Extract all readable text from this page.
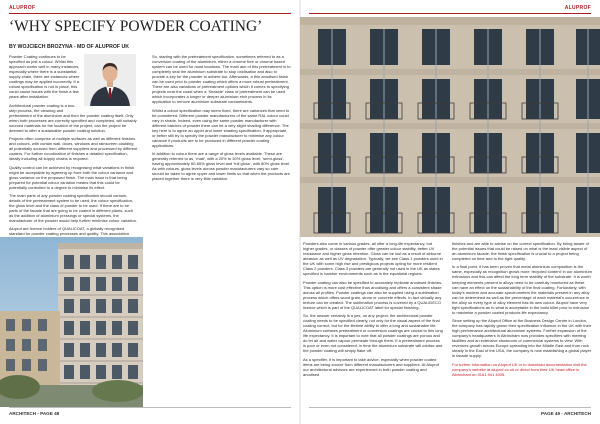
ALUPROF
‘WHY SPECIFY POWDER COATING’
BY WOJCIECH BROZYNA - MD OF ALUPROF UK

Powder Coating continues to be specified as just a colour. Whilst this approach works well in many instances, especially where there is a substantial supply chain, there are instances where coatings may be applied incorrectly. If a robust specification is not in place, this could cause issues with the finish a few years after installation.

Architectural powder coating is a two-step process, the cleaning and pretreatment of the aluminium and then the powder coating itself. Only when both processes are correctly specified and completed, will suitably sourced materials for the location of the project, can the project be deemed to offer a sustainable powder coating solution.

Projects often comprise of multiple surfaces as well as different finishes and colours, with curtain wall, doors, windows and rainscreen cladding all potentially sourced from different suppliers and processed by different coaters. For further coordination of finishes a detailed specification, ideally including all supply chains is required.

Quality control can be achieved by recognising what variations in finish might be acceptable by agreeing up front both the colour variance and gloss variance on the proposed finish. The main issue is that being prepared for potential colour variation means that this could be potentially controlled to a degree to minimise its effect.

The main parts of any powder coating specification should contain, details of the pretreatment system to be used, the colour specification, the gloss level and the class of powder to be used. If there are to be parts of the facade that are going to be coated in different plants, such as the addition of aluminium pressings or special systems, the manufacturer of the powder would help further minimise colour variation.

Aluprof are licence holders of QUALICOAT, a globally recognised standard for powder coating processes and quality. This association

So, starting with the pretreatment specification, sometimes referred to as a conversion coating of the aluminium, either a chrome free or chrome based system can be used for most locations. The main aim of this pretreatment is to completely seal the aluminium substrate to stop oxidisation and also to provide a key for the powder to adhere too. Afterwards, a thin anodised finish can be used prior to powder coating which offers a more robust pretreatment. There are also variations of pretreatment options which if comes to specifying projects near the coast when a ‘Seaside’ class of pretreatment can be used which incorporates a longer or deeper aluminium etch process in its application to remove aluminium substrate contaminants.

Whilst a colour specification may seem fixed, there are variances that need to be considered. Different powder manufacturers of the same RAL colour could vary in shade. Indeed, even using the same powder manufacturer with different batches of powder there can be a very slight shading difference. The key here is to agree an upper and lower shading specification, if appropriate, or better still try to specify the powder manufacturer to minimise any colour variance if products are to be produced in different powder coating applications.

In addition to colour there are a range of gloss levels available. These are generally referred to as, ‘matt’, with a 20% to 30% gloss level, ‘semi-gloss’, having approximately 60-65% gloss level and ‘full gloss’, with 80% gloss level. As with colours, gloss levels across powder manufacturers vary so care should be taken to agree upper and lower limits so that when the products are placed together there is very little variation.

ARCHITECH - PAGE 48
ALUPROF

Powders also come in various grades, all offer a long-life expectancy, but higher grades, or classes of powder offer greater colour stability, better UV resistance and higher gloss retention. Gloss can be lost as a result of airborne abrasion as well as UV degradation. Typically, we see Class 1 powders used in the UK with some high rise and prestigious projects opting for more resilient Class 2 powders. Class 3 powders are generally not used in the UK as states specified in harsher environments such as in the equatorial regions.

Powder coating can also be specified to accurately replicate anodised finishes. This option is more cost effective than anodising and offers a consistent shade across all profiles. Powder coatings can also be supplied using a sublimation process which offers wood grain, stone or concrete effects. In fact virtually any texture can be created. The sublimation process is covered by a QUALIDECO licence which is part of the QUALICOAT label for special finishing.

So, the answer certainly is a yes, on any project, the architectural powder coating needs to be specified clearly, not only for the visual aspect of the final coating correct, but for the lifetime ability to offer a long and sustainable life. Aluminium surfaces pretreatment or conversion coatings are crucial to this long life expectancy. It is important to note that all powder coatings are porous and do let air and water vapour permeate through them. If a pretreatment process is poor or even not considered, in time the aluminium substrate will oxidise and the powder coating will simply flake off.

As a specifier, it is important to take advice, especially when powder coated items are being source from different manufacturers and suppliers. At Aluprof our architectural advisors are experienced in both powder coating and anodised

finishes and are able to advise on the correct specification. By being aware of the potential issues that could be raised on what is the least visible aspect of an aluminium facade, the finish specification is crucial to a project being completed on time and to the right quality.

In a final point, it has been proven that metal aluminium composition is the same, especially as recognition grows more ‘recycled content’ in our aluminium extrusions and this can affect the long term stability of the substrate. It is worth keeping elements present in alloys need to be carefully monitored as these can have an effect on the sustainability of the final coating. Fortunately, with today’s modern and accurate spectrometers the materials present in any alloy can be determined as well as the percentage of each material’s occurrence in the alloy so every type of alloy element has its own colour. Aluprof have very tight specifications as to what is acceptable in the build billet prior to extrusion to maximise a powder coated products life expectancy.

Since setting up the Aluprof Office at the Business Design Centre in London, the company has rapidly grown their specification influence in the UK with their high performance architectural aluminium systems. Further expansion of the company’s headquarters in Altrincham now provides specifiers with meeting facilities and an extensive showroom of commercial systems to view. With revenues growth across Europe spreading into the Middle East and from rock steady in the East of the USA, the company is now establishing a global player in facade supply.

For further information on Aluprof UK or to download documentation visit the company’s website at aluprof.co.uk or direct from their UK head office in Altrincham on 0161 941 4005.

PAGE 49 - ARCHITECH
